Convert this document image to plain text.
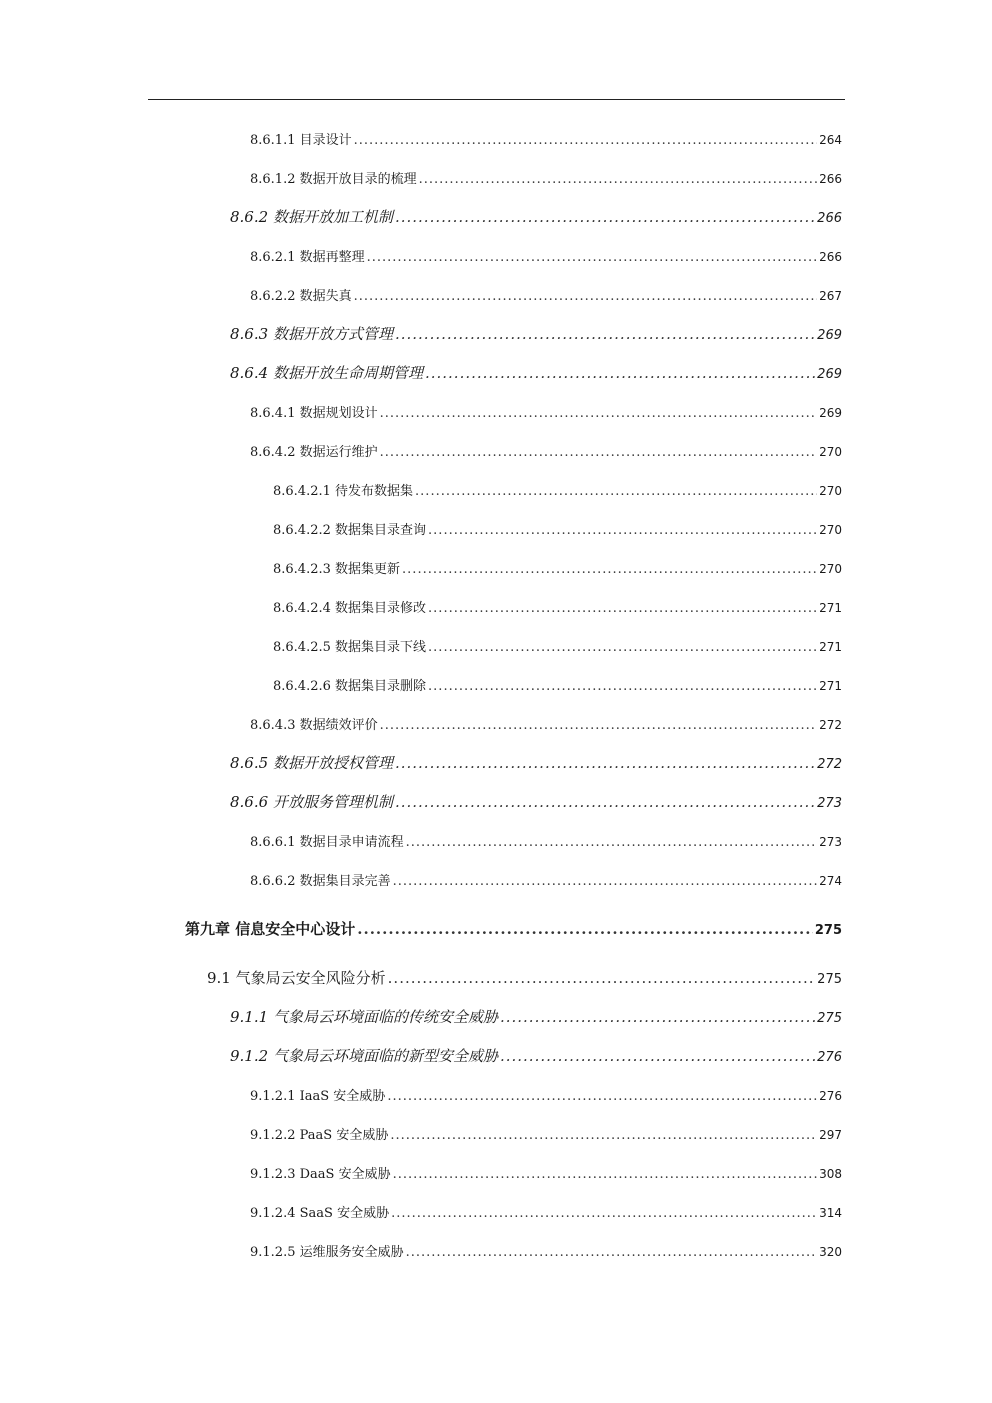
8.6.1.1 目录设计 .....	264
8.6.1.2 数据开放目录的梳理 .....	266
8.6.2 数据开放加工机制 .....	266
8.6.2.1 数据再整理 .....	266
8.6.2.2 数据失真 .....	267
8.6.3 数据开放方式管理 .....	269
8.6.4 数据开放生命周期管理 .....	269
8.6.4.1 数据规划设计 .....	269
8.6.4.2 数据运行维护 .....	270
8.6.4.2.1 待发布数据集 .....	270
8.6.4.2.2 数据集目录查询 .....	270
8.6.4.2.3 数据集更新 .....	270
8.6.4.2.4 数据集目录修改 .....	271
8.6.4.2.5 数据集目录下线 .....	271
8.6.4.2.6 数据集目录删除 .....	271
8.6.4.3 数据绩效评价 .....	272
8.6.5 数据开放授权管理 .....	272
8.6.6 开放服务管理机制 .....	273
8.6.6.1 数据目录申请流程 .....	273
8.6.6.2 数据集目录完善 .....	274
第九章 信息安全中心设计 .....	275
9.1 气象局云安全风险分析 .....	275
9.1.1 气象局云环境面临的传统安全威胁 .....	275
9.1.2 气象局云环境面临的新型安全威胁 .....	276
9.1.2.1 IaaS 安全威胁 .....	276
9.1.2.2 PaaS 安全威胁 .....	297
9.1.2.3 DaaS 安全威胁 .....	308
9.1.2.4 SaaS 安全威胁 .....	314
9.1.2.5 运维服务安全威胁 .....	320
